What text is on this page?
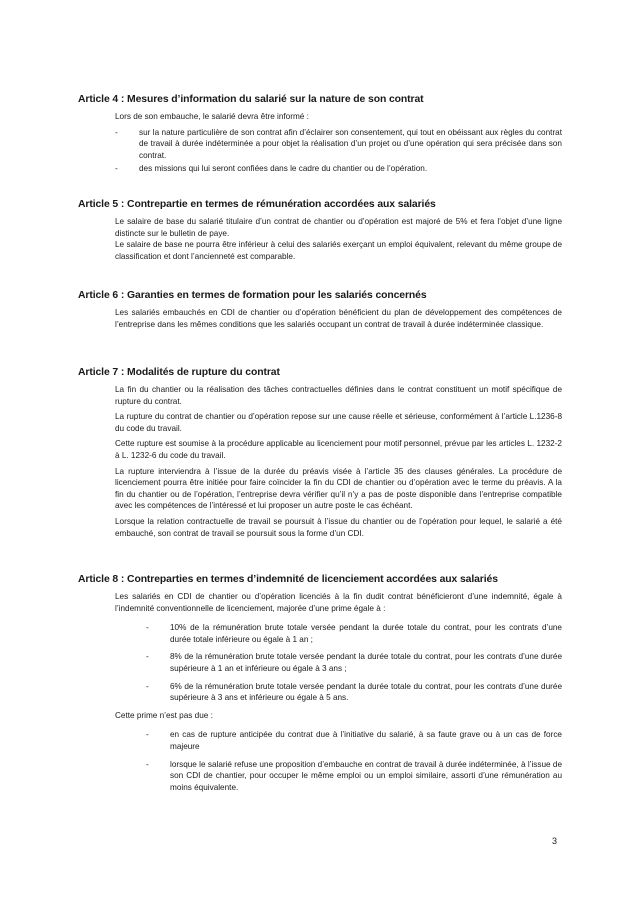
Article 4 : Mesures d’information du salarié sur la nature de son contrat

Lors de son embauche, le salarié devra être informé :

-	sur la nature particulière de son contrat afin d’éclairer son consentement, qui tout en obéissant aux règles du contrat de travail à durée indéterminée a pour objet la réalisation d’un projet ou d’une opération qui sera précisée dans son contrat.
-	des missions qui lui seront confiées dans le cadre du chantier ou de l’opération.
Article 5 : Contrepartie en termes de rémunération accordées aux salariés

Le salaire de base du salarié titulaire d’un contrat de chantier ou d’opération est majoré de 5% et fera l’objet d’une ligne distincte sur le bulletin de paye.

Le salaire de base ne pourra être inférieur à celui des salariés exerçant un emploi équivalent, relevant du même groupe de classification et dont l’ancienneté est comparable.

Article 6 : Garanties en termes de formation pour les salariés concernés

Les salariés embauchés en CDI de chantier ou d’opération bénéficient du plan de développement des compétences de l’entreprise dans les mêmes conditions que les salariés occupant un contrat de travail à durée indéterminée classique.

Article 7 : Modalités de rupture du contrat

La fin du chantier ou la réalisation des tâches contractuelles définies dans le contrat constituent un motif spécifique de rupture du contrat.

La rupture du contrat de chantier ou d’opération repose sur une cause réelle et sérieuse, conformément à l’article L.1236-8 du code du travail.

Cette rupture est soumise à la procédure applicable au licenciement pour motif personnel, prévue par les articles L. 1232-2 à L. 1232-6 du code du travail.

La rupture interviendra à l’issue de la durée du préavis visée à l’article 35 des clauses générales. La procédure de licenciement pourra être initiée pour faire coïncider la fin du CDI de chantier ou d’opération avec le terme du préavis. A la fin du chantier ou de l’opération, l’entreprise devra vérifier qu’il n’y a pas de poste disponible dans l’entreprise compatible avec les compétences de l’intéressé et lui proposer un autre poste le cas échéant.

Lorsque la relation contractuelle de travail se poursuit à l’issue du chantier ou de l’opération pour lequel, le salarié a été embauché, son contrat de travail se poursuit sous la forme d’un CDI.

Article 8 : Contreparties en termes d’indemnité de licenciement accordées aux salariés

Les salariés en CDI de chantier ou d’opération licenciés à la fin dudit contrat bénéficieront d’une indemnité, égale à l’indemnité conventionnelle de licenciement, majorée d’une prime égale à :

-	10% de la rémunération brute totale versée pendant la durée totale du contrat, pour les contrats d’une durée totale inférieure ou égale à 1 an ;
-	8% de la rémunération brute totale versée pendant la durée totale du contrat, pour les contrats d’une durée supérieure à 1 an et inférieure ou égale à 3 ans ;
-	6% de la rémunération brute totale versée pendant la durée totale du contrat, pour les contrats d’une durée supérieure à 3 ans et inférieure ou égale à 5 ans.

Cette prime n’est pas due :

-	en cas de rupture anticipée du contrat due à l’initiative du salarié, à sa faute grave ou à un cas de force majeure
-	lorsque le salarié refuse une proposition d’embauche en contrat de travail à durée indéterminée, à l’issue de son CDI de chantier, pour occuper le même emploi ou un emploi similaire, assorti d’une rémunération au moins équivalente.
3
